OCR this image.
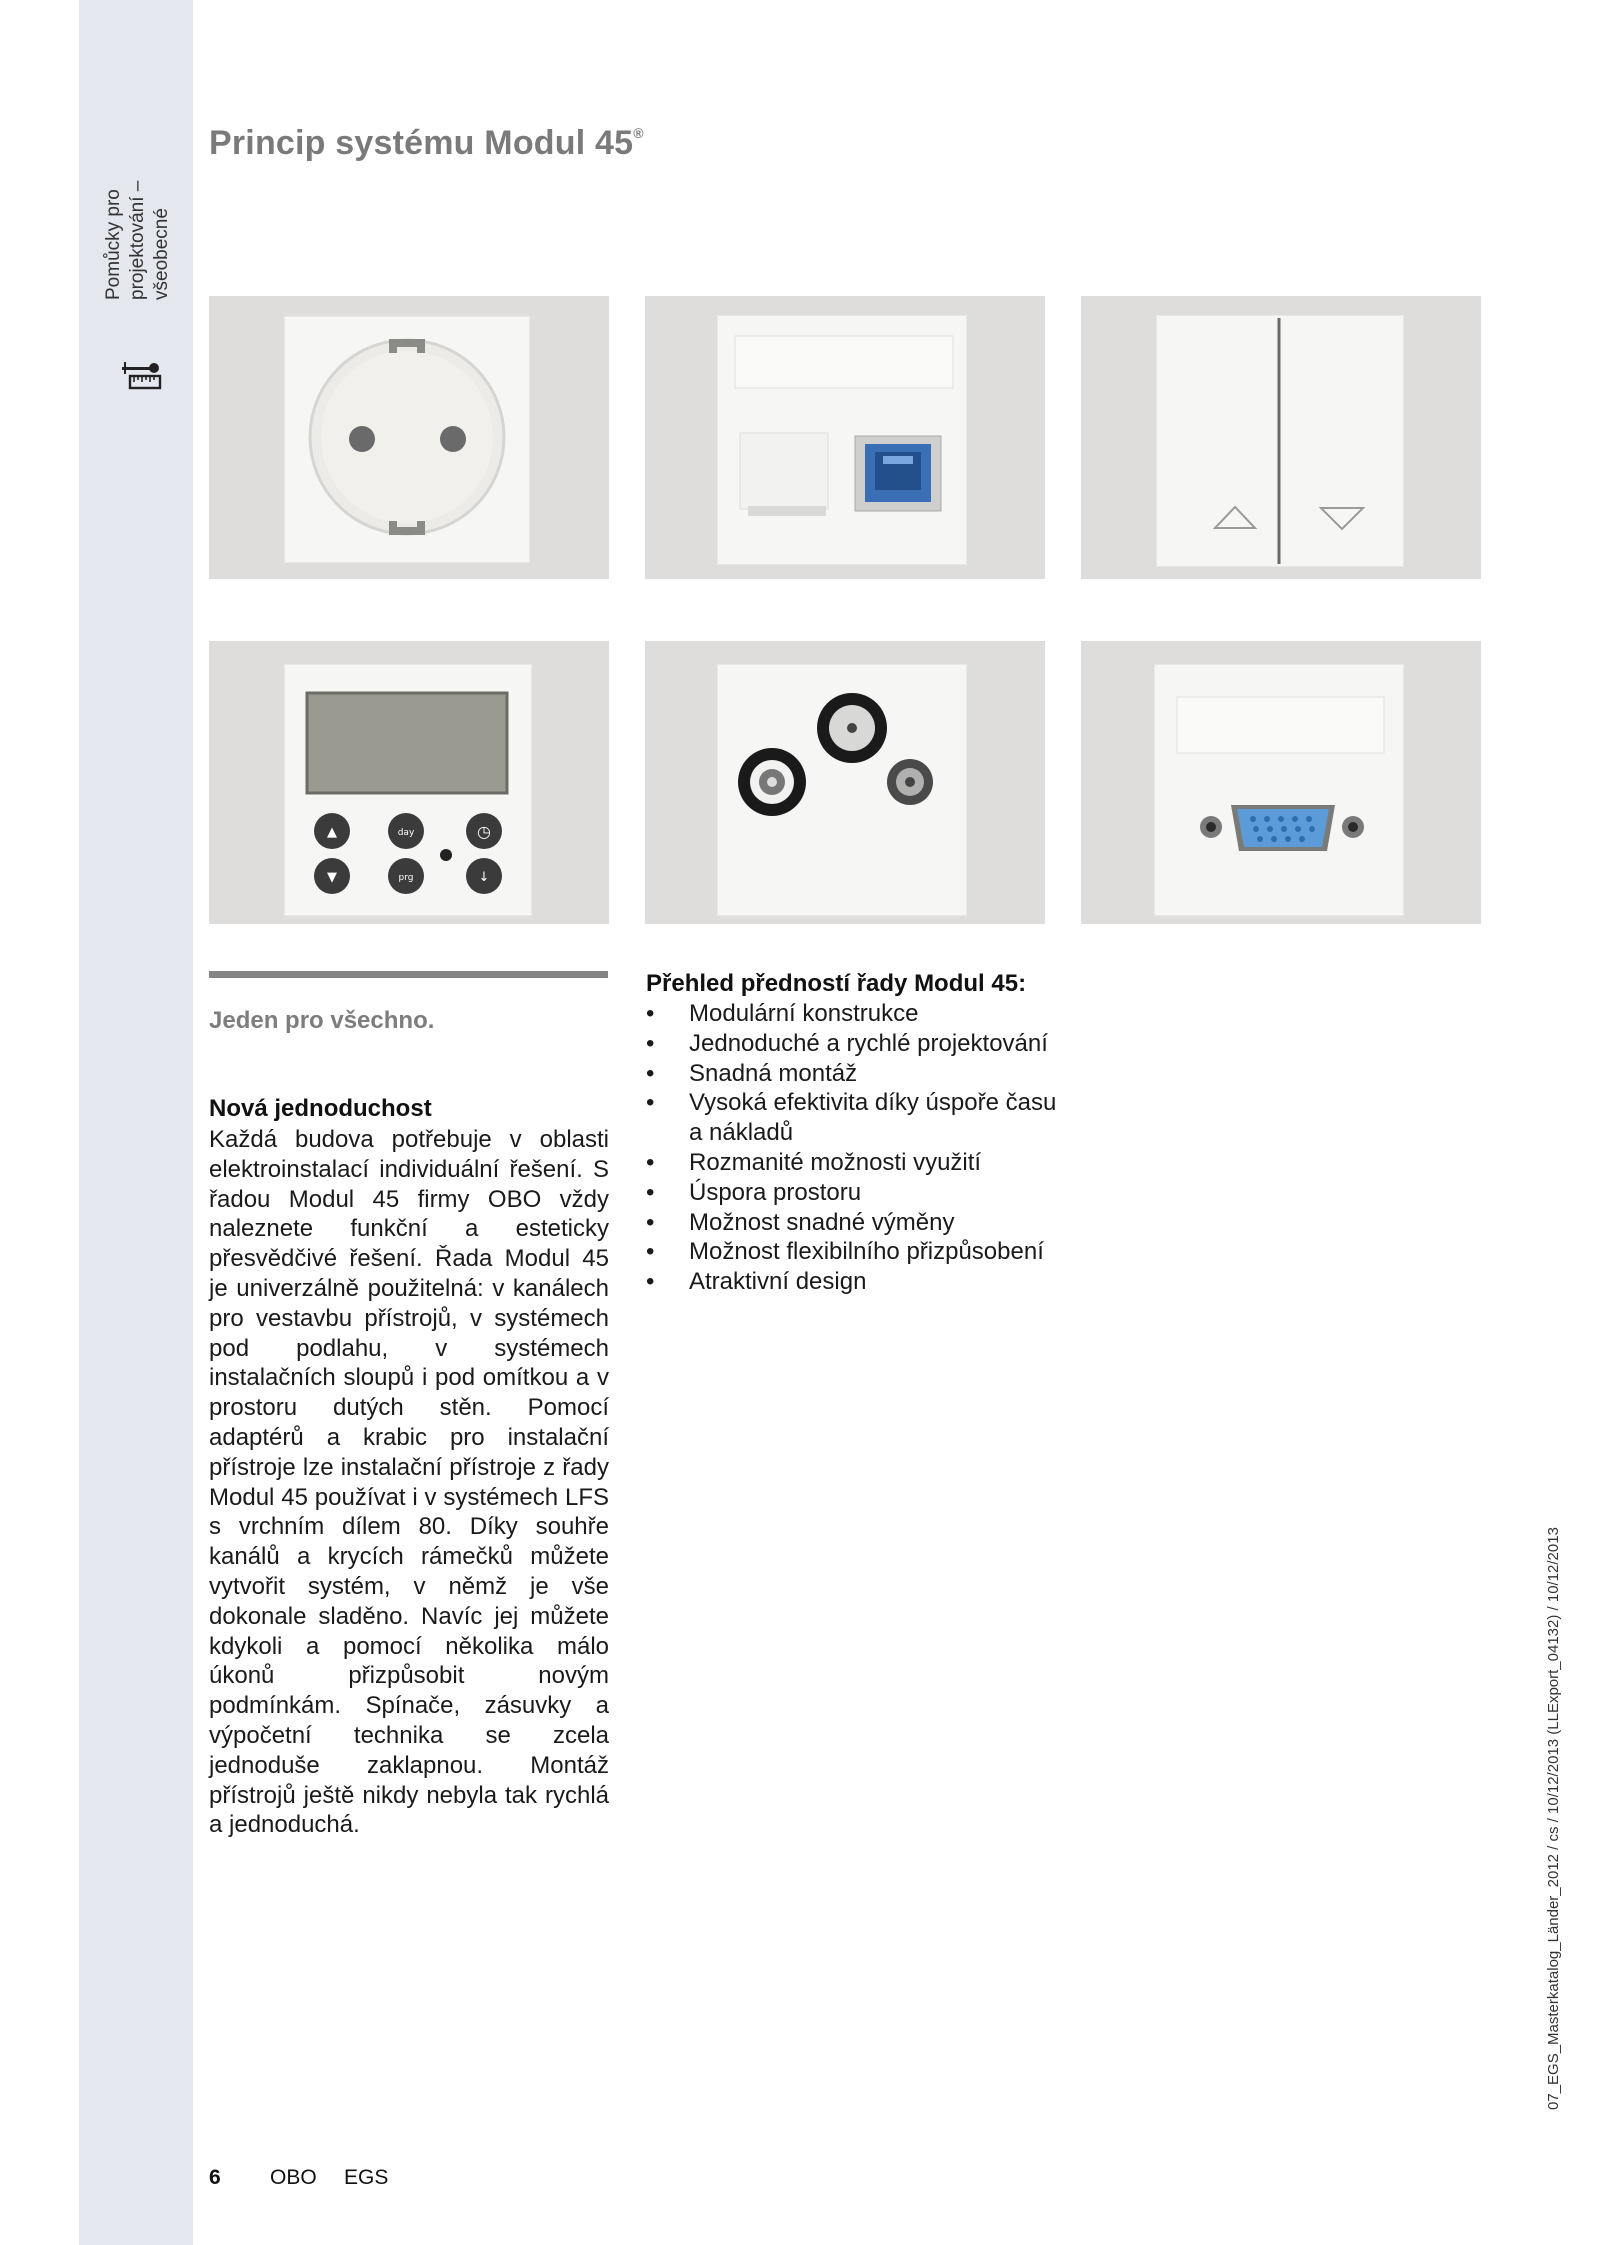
Pomůcky pro projektování – všeobecné
Princip systému Modul 45®
▲	day	◷
▼	prg	↓
Jeden pro všechno.
Nová jednoduchost

Každá budova potřebuje v oblasti elektroinstalací individuální řešení. S řadou Modul 45 firmy OBO vždy naleznete funkční a esteticky přesvědčivé řešení. Řada Modul 45 je univerzálně použitelná: v kanálech pro vestavbu přístrojů, v systémech pod podlahu, v systémech instalačních sloupů i pod omítkou a v prostoru dutých stěn. Pomocí adaptérů a krabic pro instalační přístroje lze instalační přístroje z řady Modul 45 používat i v systémech LFS s vrchním dílem 80. Díky souhře kanálů a krycích rámečků můžete vytvořit systém, v němž je vše dokonale sladěno. Navíc jej můžete kdykoli a pomocí několika málo úkonů přizpůsobit novým podmínkám. Spínače, zásuvky a výpočetní technika se zcela jednoduše zaklapnou. Montáž přístrojů ještě nikdy nebyla tak rychlá a jednoduchá.

Přehled předností řady Modul 45:
• Modulární konstrukce
• Jednoduché a rychlé projektování
• Snadná montáž
• Vysoká efektivita díky úspoře času a nákladů
• Rozmanité možnosti využití
• Úspora prostoru
• Možnost snadné výměny
• Možnost flexibilního přizpůsobení
• Atraktivní design
6 OBO EGS
07_EGS_Masterkatalog_Länder_2012 / cs / 10/12/2013 (LLExport_04132) / 10/12/2013
